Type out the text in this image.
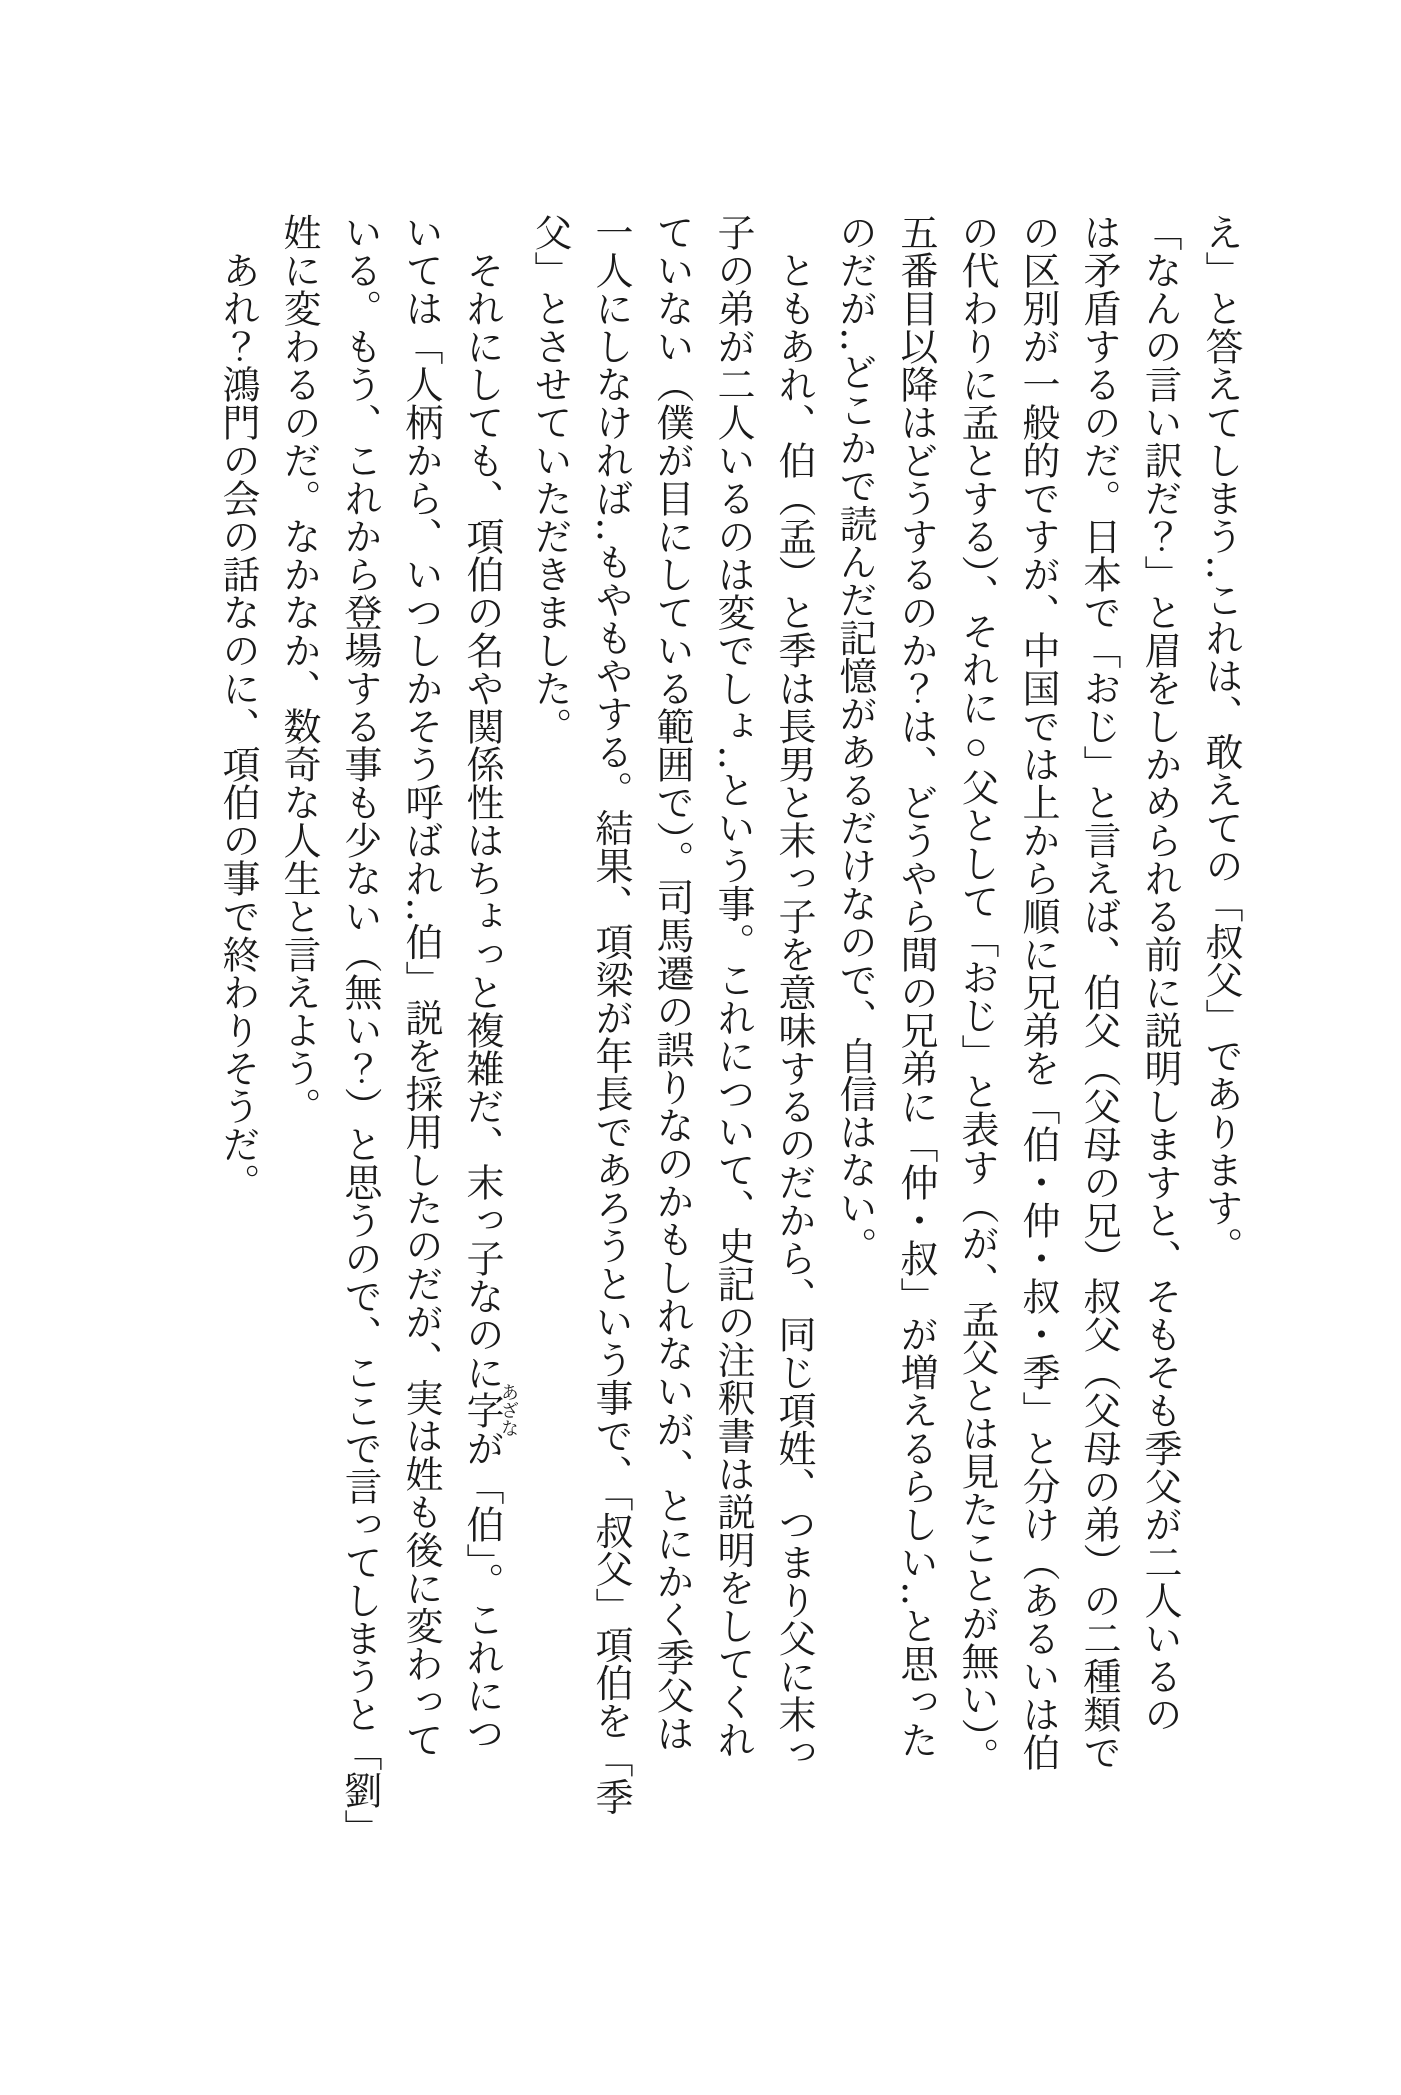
え」と答えてしまう‥これは、敢えての「叔父」であります。
「なんの言い訳だ？」と眉をしかめられる前に説明しますと、そもそも季父が二人いるの
は矛盾するのだ。日本で「おじ」と言えば、伯父（父母の兄）叔父（父母の弟）の二種類で
の区別が一般的ですが、中国では上から順に兄弟を「伯・仲・叔・季」と分け（あるいは伯
の代わりに孟とする）、それに○父として「おじ」と表す（が、孟父とは見たことが無い）。
五番目以降はどうするのか？は、どうやら間の兄弟に「仲・叔」が増えるらしい‥と思った
のだが‥どこかで読んだ記憶があるだけなので、自信はない。
　ともあれ、伯（孟）と季は長男と末っ子を意味するのだから、同じ項姓、つまり父に末っ
子の弟が二人いるのは変でしょ‥という事。これについて、史記の注釈書は説明をしてくれ
ていない（僕が目にしている範囲で）。司馬遷の誤りなのかもしれないが、とにかく季父は
一人にしなければ‥もやもやする。結果、項梁が年長であろうという事で、「叔父」項伯を「季
父」とさせていただきました。
　それにしても、項伯の名や関係性はちょっと複雑だ、末っ子なのに字あざなが「伯」。これにつ
いては「人柄から、いつしかそう呼ばれ‥伯」説を採用したのだが、実は姓も後に変わって
いる。もう、これから登場する事も少ない（無い？）と思うので、ここで言ってしまうと「劉」
姓に変わるのだ。なかなか、数奇な人生と言えよう。
　あれ？鴻門の会の話なのに、項伯の事で終わりそうだ。
